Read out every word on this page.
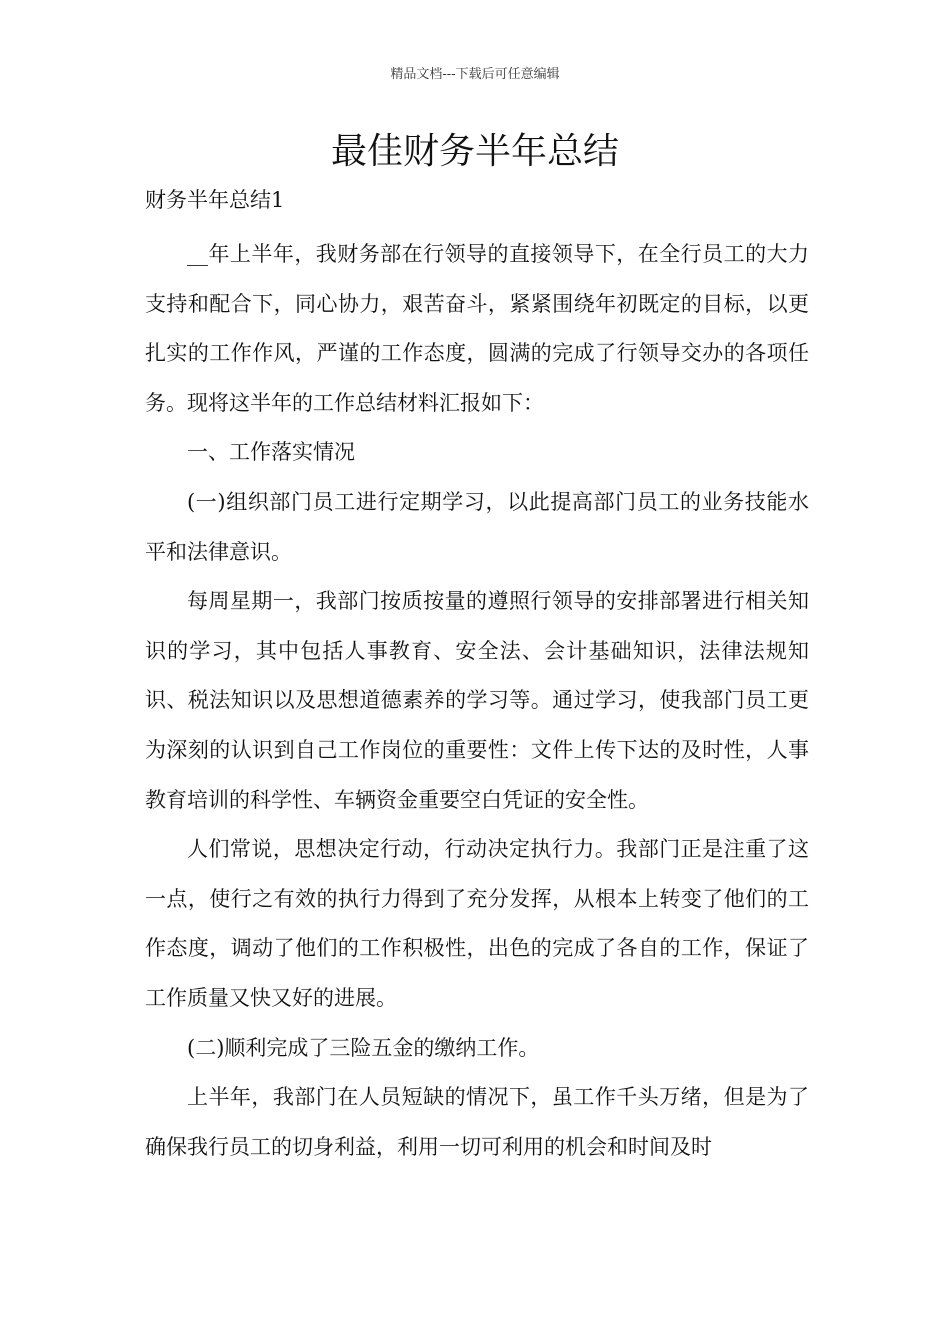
精品文档---下载后可任意编辑
最佳财务半年总结
财务半年总结1

__年上半年，我财务部在行领导的直接领导下，在全行员工的大力支持和配合下，同心协力，艰苦奋斗，紧紧围绕年初既定的目标，以更扎实的工作作风，严谨的工作态度，圆满的完成了行领导交办的各项任务。现将这半年的工作总结材料汇报如下：

一、工作落实情况

(一)组织部门员工进行定期学习，以此提高部门员工的业务技能水平和法律意识。

每周星期一，我部门按质按量的遵照行领导的安排部署进行相关知识的学习，其中包括人事教育、安全法、会计基础知识，法律法规知识、税法知识以及思想道德素养的学习等。通过学习，使我部门员工更为深刻的认识到自己工作岗位的重要性：文件上传下达的及时性，人事教育培训的科学性、车辆资金重要空白凭证的安全性。

人们常说，思想决定行动，行动决定执行力。我部门正是注重了这一点，使行之有效的执行力得到了充分发挥，从根本上转变了他们的工作态度，调动了他们的工作积极性，出色的完成了各自的工作，保证了工作质量又快又好的进展。

(二)顺利完成了三险五金的缴纳工作。

上半年，我部门在人员短缺的情况下，虽工作千头万绪，但是为了确保我行员工的切身利益，利用一切可利用的机会和时间及时
